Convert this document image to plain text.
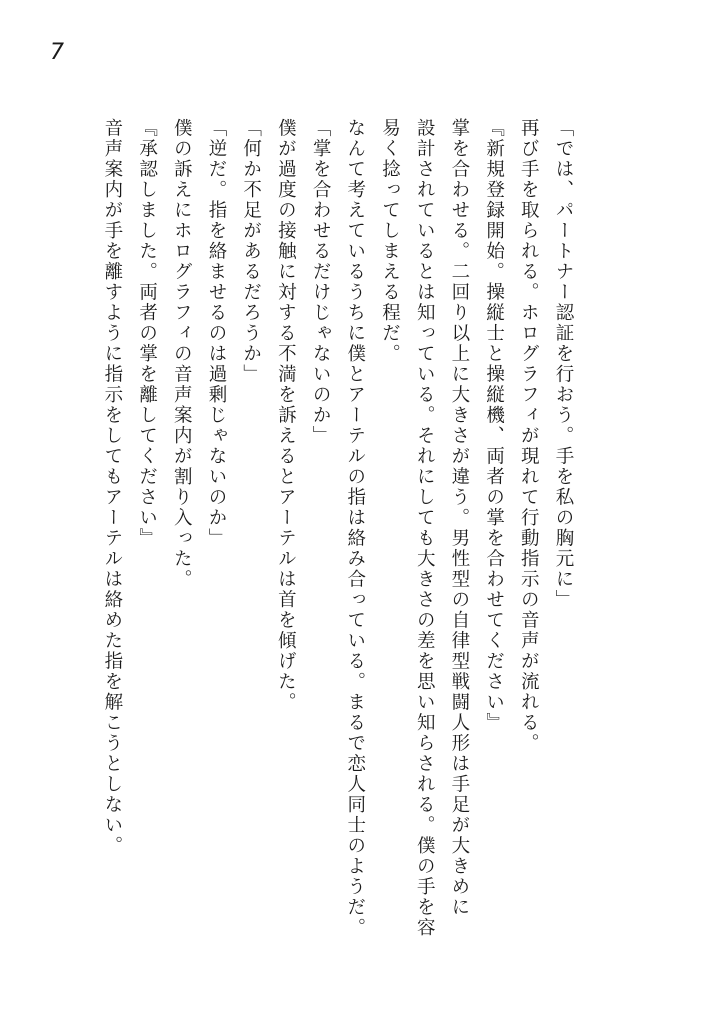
7
「では、パートナー認証を行おう。手を私の胸元に」
再び手を取られる。ホログラフィが現れて行動指示の音声が流れる。
『新規登録開始。操縦士と操縦機、両者の掌を合わせてください』
掌を合わせる。二回り以上に大きさが違う。男性型の自律型戦闘人形は手足が大きめに
設計されているとは知っている。それにしても大きさの差を思い知らされる。僕の手を容
易く捻ってしまえる程だ。
なんて考えているうちに僕とアーテルの指は絡み合っている。まるで恋人同士のようだ。
「掌を合わせるだけじゃないのか」
僕が過度の接触に対する不満を訴えるとアーテルは首を傾げた。
「何か不足があるだろうか」
「逆だ。指を絡ませるのは過剰じゃないのか」
僕の訴えにホログラフィの音声案内が割り入った。
『承認しました。両者の掌を離してください』
音声案内が手を離すように指示をしてもアーテルは絡めた指を解こうとしない。
